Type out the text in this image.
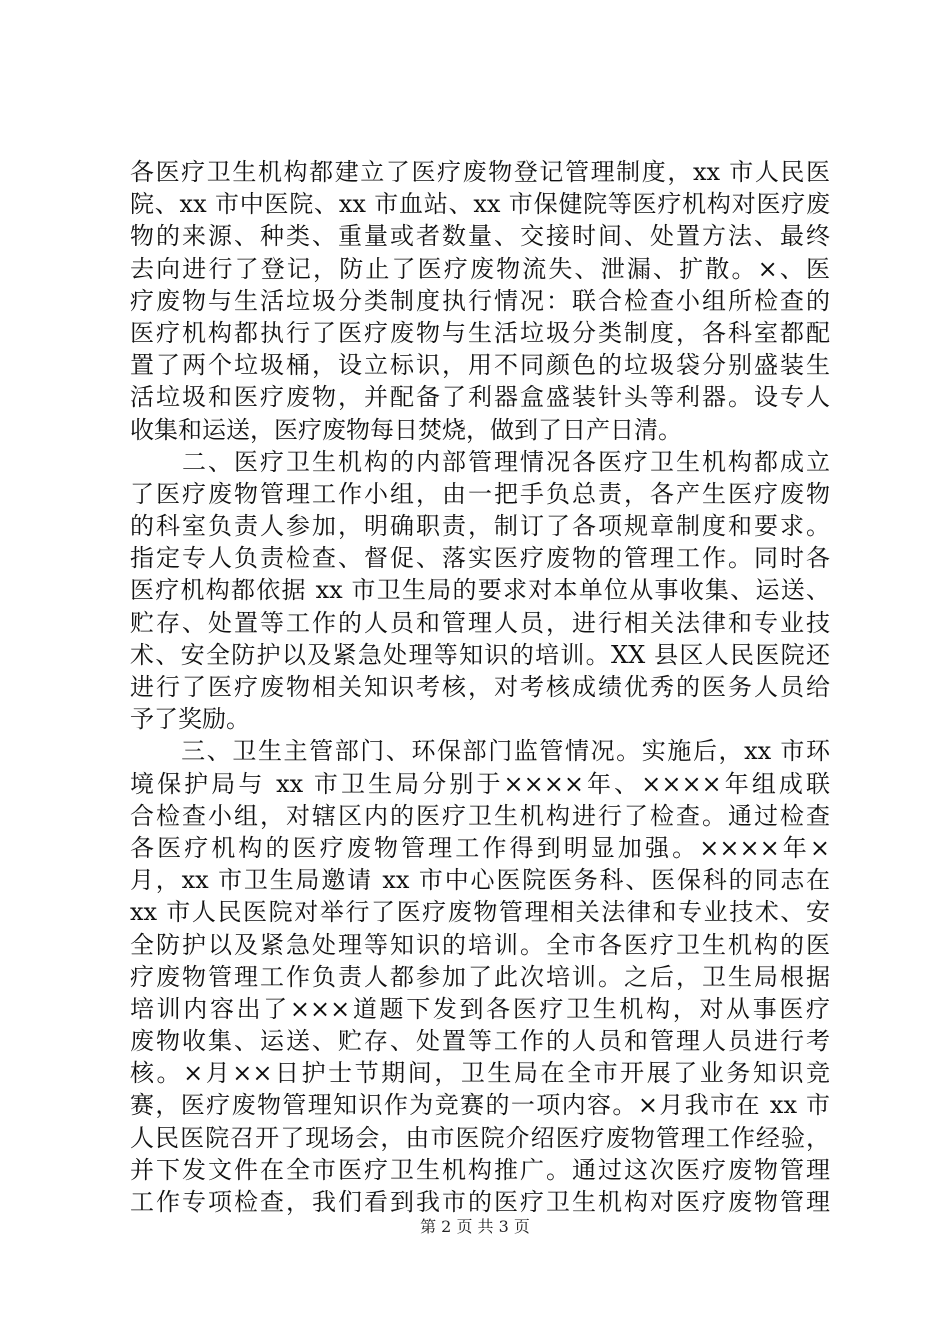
各医疗卫生机构都建立了医疗废物登记管理制度，xx 市人民医
院、xx 市中医院、xx 市血站、xx 市保健院等医疗机构对医疗废
物的来源、种类、重量或者数量、交接时间、处置方法、最终
去向进行了登记，防止了医疗废物流失、泄漏、扩散。×、医
疗废物与生活垃圾分类制度执行情况：联合检查小组所检查的
医疗机构都执行了医疗废物与生活垃圾分类制度，各科室都配
置了两个垃圾桶，设立标识，用不同颜色的垃圾袋分别盛装生
活垃圾和医疗废物，并配备了利器盒盛装针头等利器。设专人
收集和运送，医疗废物每日焚烧，做到了日产日清。
　　二、医疗卫生机构的内部管理情况各医疗卫生机构都成立
了医疗废物管理工作小组，由一把手负总责，各产生医疗废物
的科室负责人参加，明确职责，制订了各项规章制度和要求。
指定专人负责检查、督促、落实医疗废物的管理工作。同时各
医疗机构都依据 xx 市卫生局的要求对本单位从事收集、运送、
贮存、处置等工作的人员和管理人员，进行相关法律和专业技
术、安全防护以及紧急处理等知识的培训。XX 县区人民医院还
进行了医疗废物相关知识考核，对考核成绩优秀的医务人员给
予了奖励。
　　三、卫生主管部门、环保部门监管情况。实施后，xx 市环
境保护局与 xx 市卫生局分别于××××年、××××年组成联
合检查小组，对辖区内的医疗卫生机构进行了检查。通过检查
各医疗机构的医疗废物管理工作得到明显加强。××××年×
月，xx 市卫生局邀请 xx 市中心医院医务科、医保科的同志在
xx 市人民医院对举行了医疗废物管理相关法律和专业技术、安
全防护以及紧急处理等知识的培训。全市各医疗卫生机构的医
疗废物管理工作负责人都参加了此次培训。之后，卫生局根据
培训内容出了×××道题下发到各医疗卫生机构，对从事医疗
废物收集、运送、贮存、处置等工作的人员和管理人员进行考
核。×月××日护士节期间，卫生局在全市开展了业务知识竞
赛，医疗废物管理知识作为竞赛的一项内容。×月我市在 xx 市
人民医院召开了现场会，由市医院介绍医疗废物管理工作经验，
并下发文件在全市医疗卫生机构推广。通过这次医疗废物管理
工作专项检查，我们看到我市的医疗卫生机构对医疗废物管理
第 2 页 共 3 页
